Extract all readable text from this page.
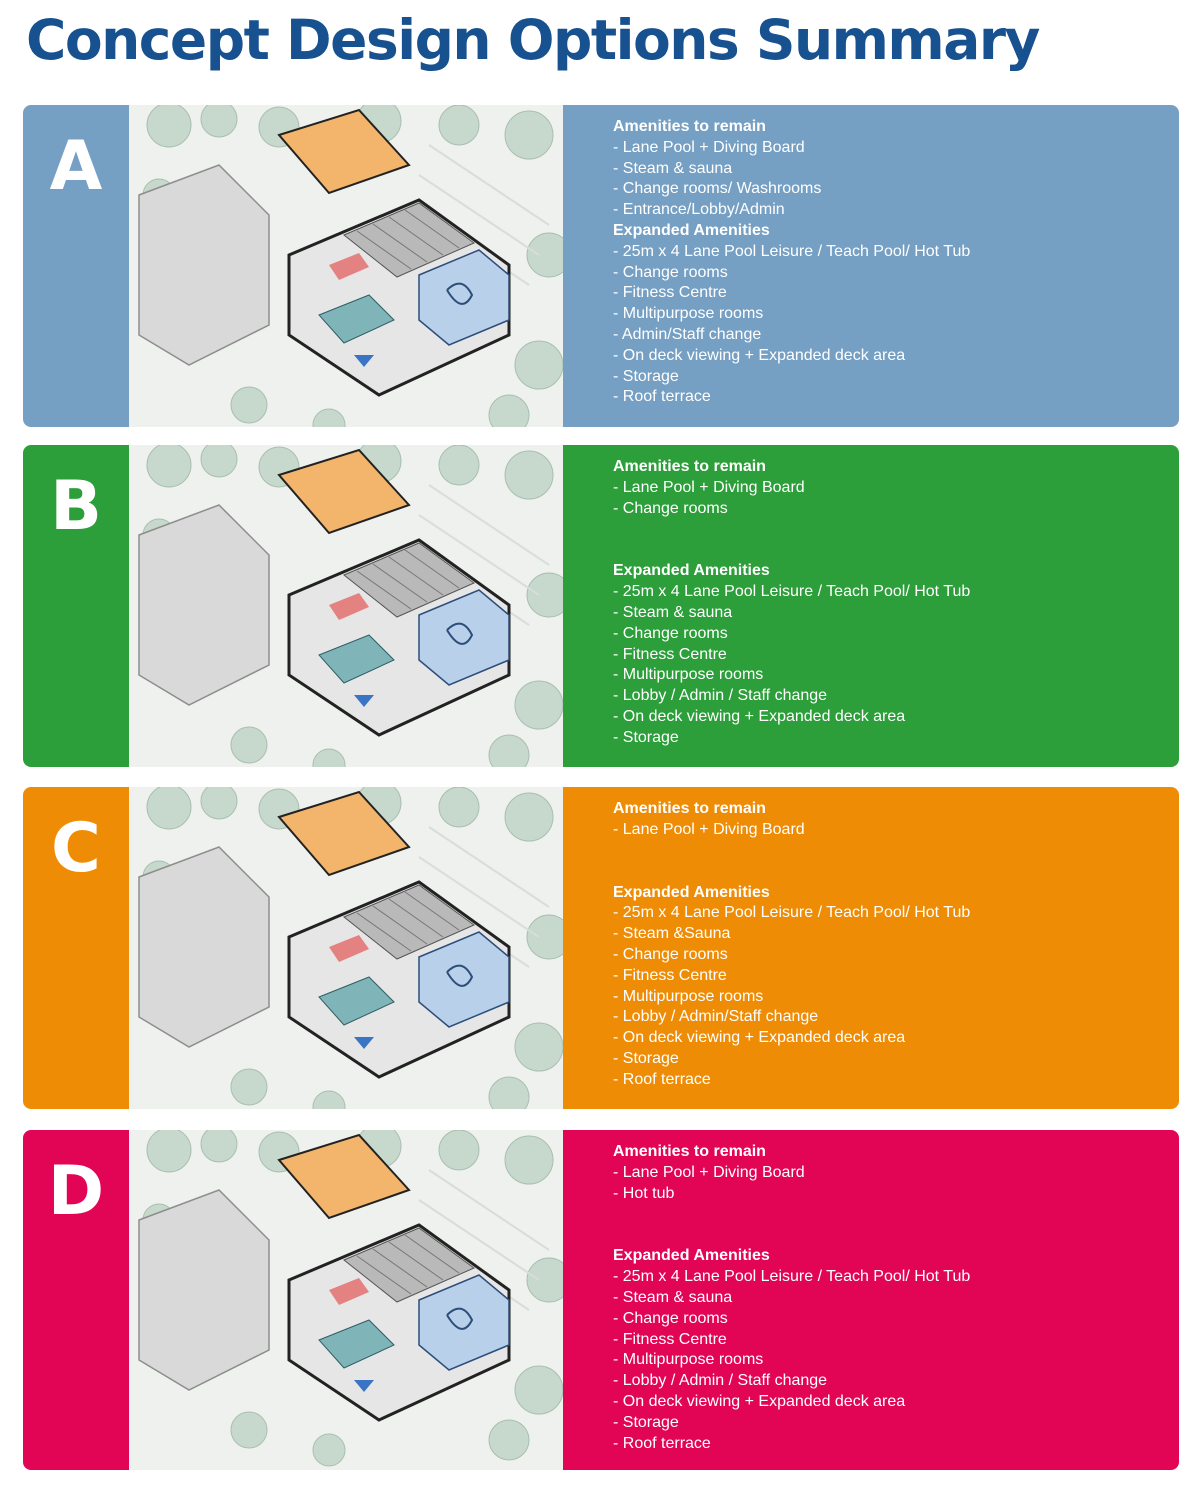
Concept Design Options Summary
A
Amenities to remain
- Lane Pool + Diving Board
- Steam & sauna
- Change rooms/ Washrooms
- Entrance/Lobby/Admin
Expanded Amenities
- 25m x 4 Lane Pool Leisure / Teach Pool/ Hot Tub
- Change rooms
- Fitness Centre
- Multipurpose rooms
- Admin/Staff change
- On deck viewing + Expanded deck area
- Storage
- Roof terrace
B
Amenities to remain
- Lane Pool + Diving Board
- Change rooms
Expanded Amenities
- 25m x 4 Lane Pool Leisure / Teach Pool/ Hot Tub
- Steam & sauna
- Change rooms
- Fitness Centre
- Multipurpose rooms
- Lobby / Admin / Staff change
- On deck viewing + Expanded deck area
- Storage
C
Amenities to remain
- Lane Pool + Diving Board
Expanded Amenities
- 25m x 4 Lane Pool Leisure / Teach Pool/ Hot Tub
- Steam &Sauna
- Change rooms
- Fitness Centre
- Multipurpose rooms
- Lobby / Admin/Staff change
- On deck viewing + Expanded deck area
- Storage
- Roof terrace
D
Amenities to remain
- Lane Pool + Diving Board
- Hot tub
Expanded Amenities
- 25m x 4 Lane Pool Leisure / Teach Pool/ Hot Tub
- Steam & sauna
- Change rooms
- Fitness Centre
- Multipurpose rooms
- Lobby / Admin / Staff change
- On deck viewing + Expanded deck area
- Storage
- Roof terrace
